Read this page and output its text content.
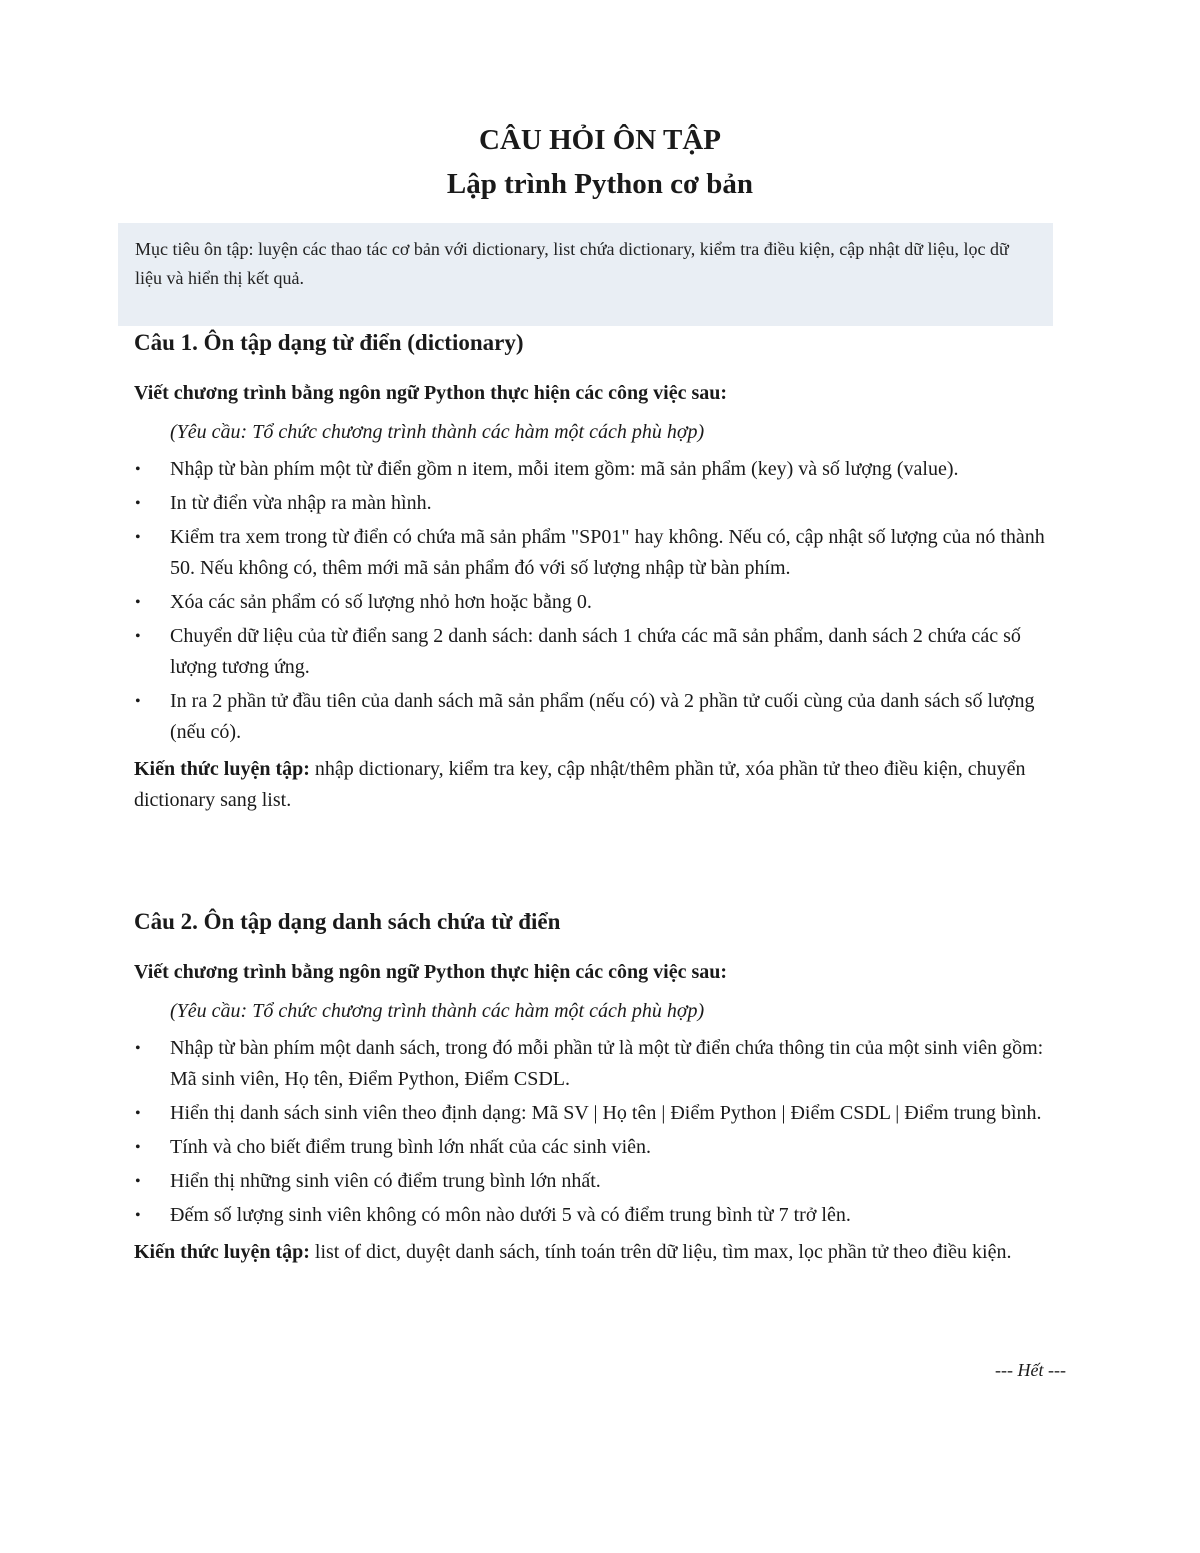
CÂU HỎI ÔN TẬP

Lập trình Python cơ bản

Mục tiêu ôn tập: luyện các thao tác cơ bản với dictionary, list chứa dictionary, kiểm tra điều kiện, cập nhật dữ liệu, lọc dữ liệu và hiển thị kết quả.

Câu 1. Ôn tập dạng từ điển (dictionary)

Viết chương trình bằng ngôn ngữ Python thực hiện các công việc sau:

(Yêu cầu: Tổ chức chương trình thành các hàm một cách phù hợp)

•	Nhập từ bàn phím một từ điển gồm n item, mỗi item gồm: mã sản phẩm (key) và số lượng (value).
•	In từ điển vừa nhập ra màn hình.
•	Kiểm tra xem trong từ điển có chứa mã sản phẩm "SP01" hay không. Nếu có, cập nhật số lượng của nó thành 50. Nếu không có, thêm mới mã sản phẩm đó với số lượng nhập từ bàn phím.
•	Xóa các sản phẩm có số lượng nhỏ hơn hoặc bằng 0.
•	Chuyển dữ liệu của từ điển sang 2 danh sách: danh sách 1 chứa các mã sản phẩm, danh sách 2 chứa các số lượng tương ứng.
•	In ra 2 phần tử đầu tiên của danh sách mã sản phẩm (nếu có) và 2 phần tử cuối cùng của danh sách số lượng (nếu có).

Kiến thức luyện tập: nhập dictionary, kiểm tra key, cập nhật/thêm phần tử, xóa phần tử theo điều kiện, chuyển dictionary sang list.

Câu 2. Ôn tập dạng danh sách chứa từ điển

Viết chương trình bằng ngôn ngữ Python thực hiện các công việc sau:

(Yêu cầu: Tổ chức chương trình thành các hàm một cách phù hợp)

•	Nhập từ bàn phím một danh sách, trong đó mỗi phần tử là một từ điển chứa thông tin của một sinh viên gồm: Mã sinh viên, Họ tên, Điểm Python, Điểm CSDL.
•	Hiển thị danh sách sinh viên theo định dạng: Mã SV | Họ tên | Điểm Python | Điểm CSDL | Điểm trung bình.
•	Tính và cho biết điểm trung bình lớn nhất của các sinh viên.
•	Hiển thị những sinh viên có điểm trung bình lớn nhất.
•	Đếm số lượng sinh viên không có môn nào dưới 5 và có điểm trung bình từ 7 trở lên.

Kiến thức luyện tập: list of dict, duyệt danh sách, tính toán trên dữ liệu, tìm max, lọc phần tử theo điều kiện.

--- Hết ---
